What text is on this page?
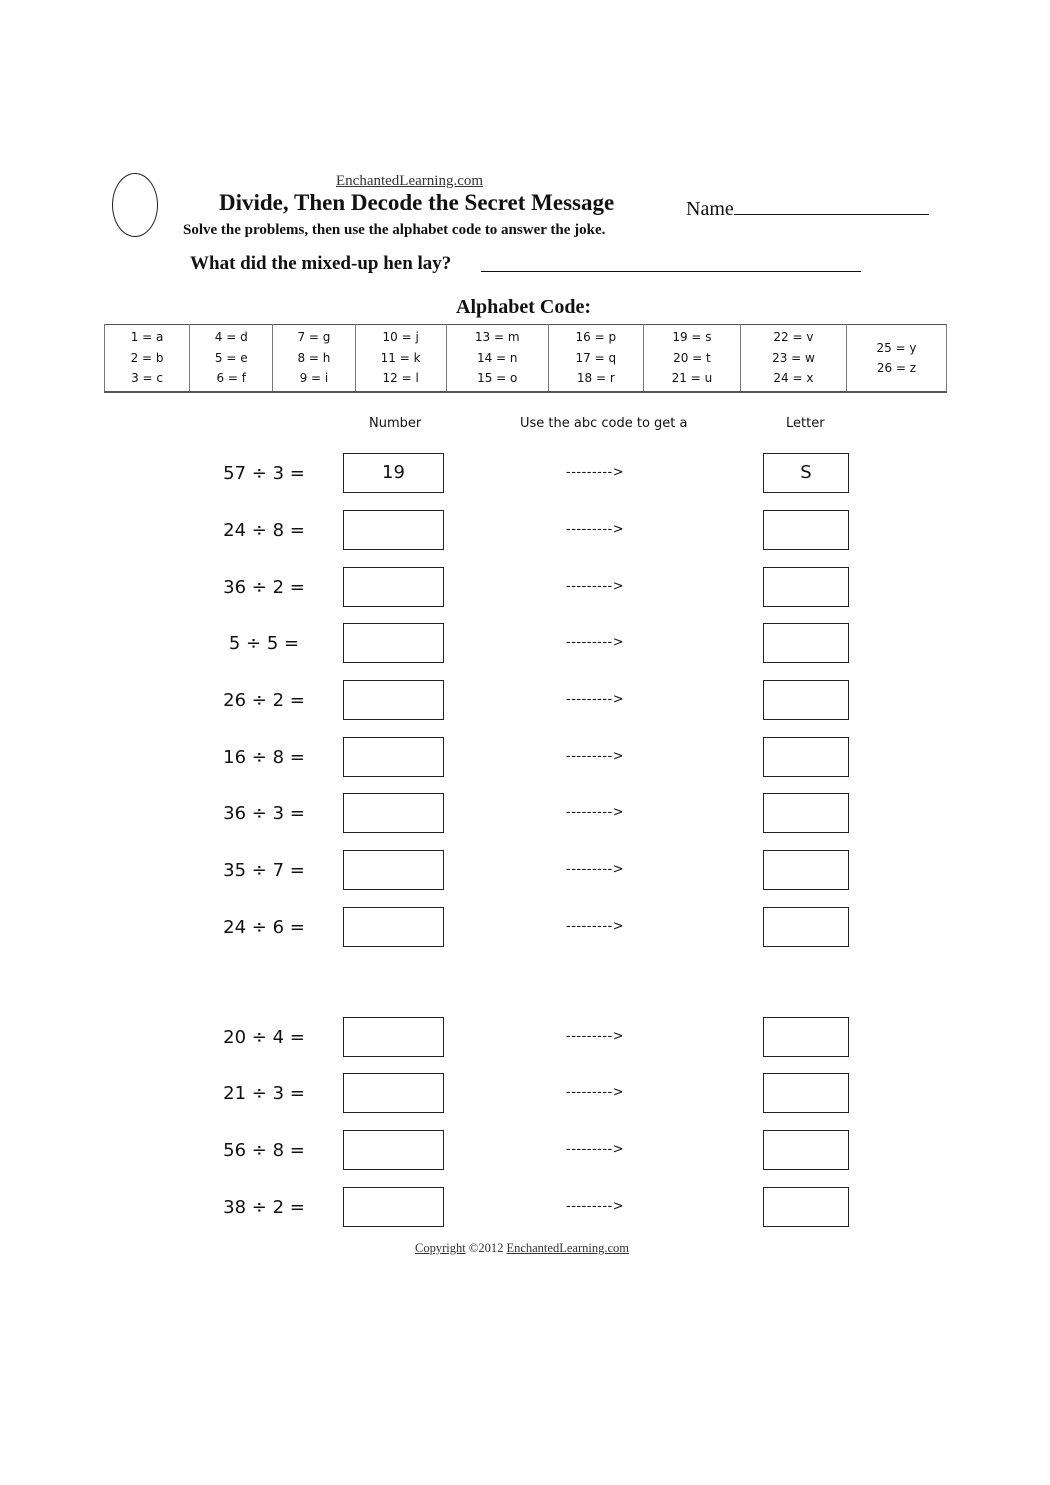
EnchantedLearning.com
Divide, Then Decode the Secret Message	Name
Solve the problems, then use the alphabet code to answer the joke.
What did the mixed-up hen lay?
Alphabet Code:
1 = a
2 = b
3 = c

4 = d
5 = e
6 = f

7 = g
8 = h
9 = i

10 = j
11 = k
12 = l

13 = m
14 = n
15 = o

16 = p
17 = q
18 = r

19 = s
20 = t
21 = u

22 = v
23 = w
24 = x

25 = y
26 = z
Number	Use the abc code to get a	Letter
57 ÷ 3 =	19	--------->	S
24 ÷ 8 =	--------->
36 ÷ 2 =	--------->
5 ÷ 5 =	--------->
26 ÷ 2 =	--------->
16 ÷ 8 =	--------->
36 ÷ 3 =	--------->
35 ÷ 7 =	--------->
24 ÷ 6 =	--------->
20 ÷ 4 =	--------->
21 ÷ 3 =	--------->
56 ÷ 8 =	--------->
38 ÷ 2 =	--------->
Copyright ©2012 EnchantedLearning.com
